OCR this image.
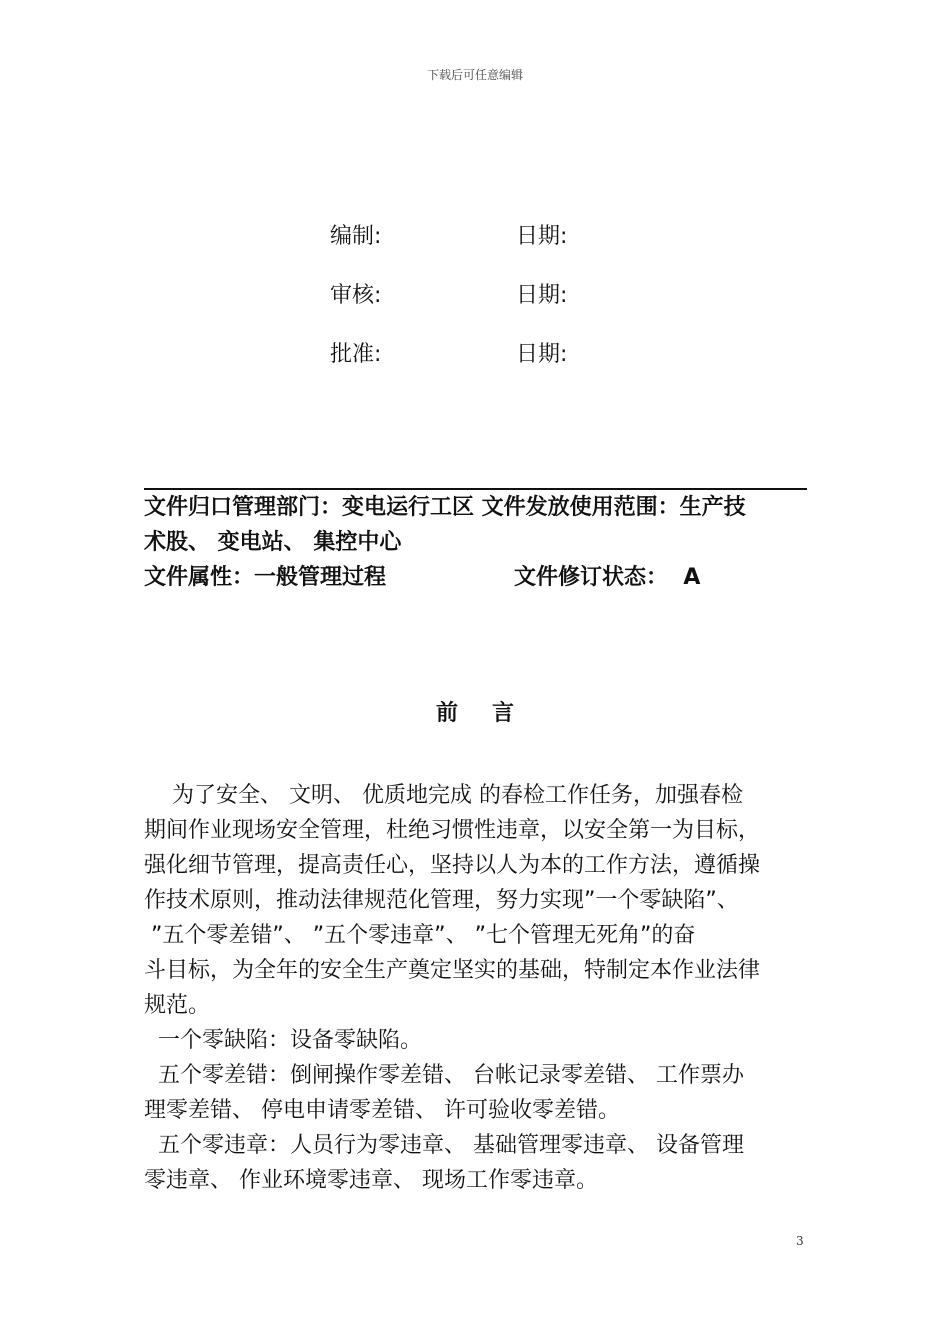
下载后可任意编辑
编制:	日期:
审核:	日期:
批准:	日期:
文件归口管理部门：变电运行工区 文件发放使用范围：生产技
术股、 变电站、 集控中心
文件属性：一般管理过程	文件修订状态：  A
前言
为了安全、 文明、 优质地完成 的春检工作任务，加强春检
期间作业现场安全管理，杜绝习惯性违章，以安全第一为目标，
强化细节管理，提高责任心，坚持以人为本的工作方法，遵循操
作技术原则，推动法律规范化管理，努力实现”一个零缺陷”、
”五个零差错”、 ”五个零违章”、 ”七个管理无死角”的奋
斗目标，为全年的安全生产奠定坚实的基础，特制定本作业法律
规范。
一个零缺陷：设备零缺陷。
五个零差错：倒闸操作零差错、 台帐记录零差错、 工作票办
理零差错、 停电申请零差错、 许可验收零差错。
五个零违章：人员行为零违章、 基础管理零违章、 设备管理
零违章、 作业环境零违章、 现场工作零违章。
3
